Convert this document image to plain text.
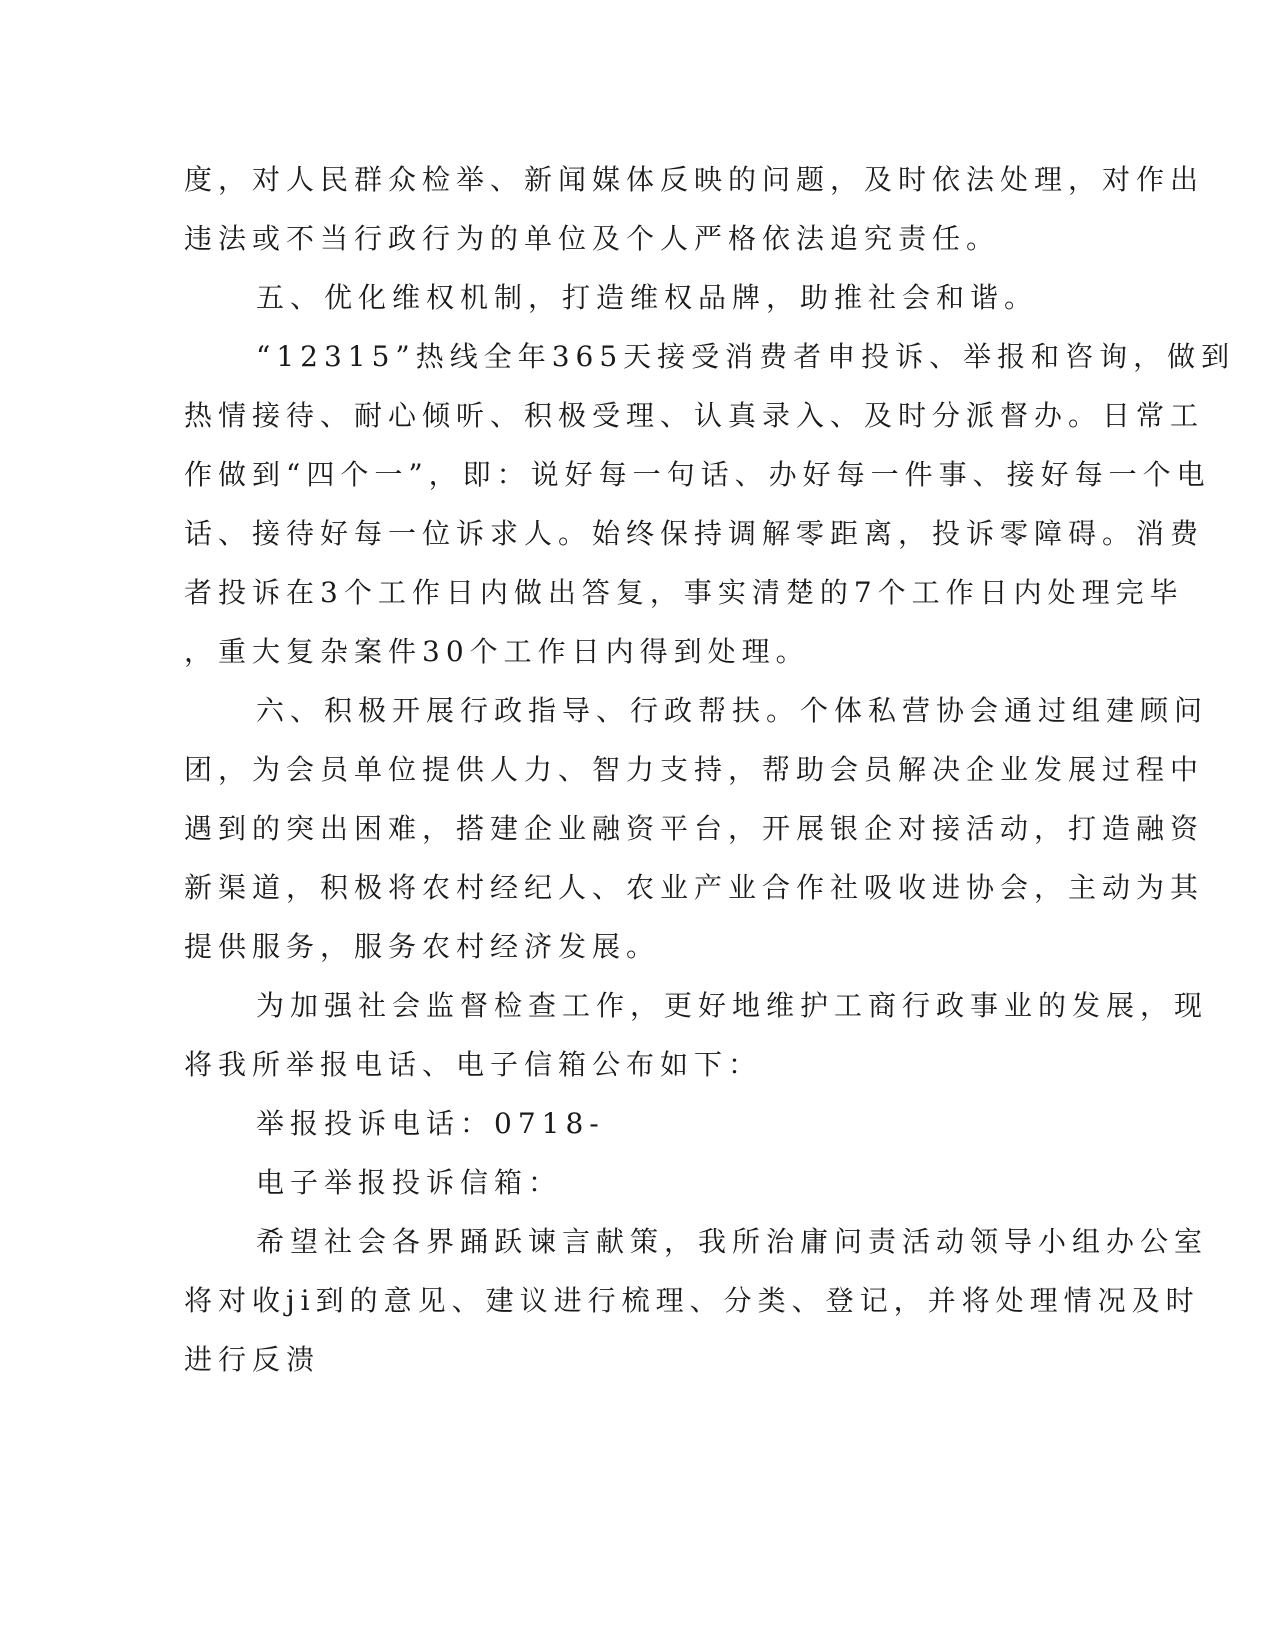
度，对人民群众检举、新闻媒体反映的问题，及时依法处理，对作出
违法或不当行政行为的单位及个人严格依法追究责任。
五、优化维权机制，打造维权品牌，助推社会和谐。
“12315”热线全年365天接受消费者申投诉、举报和咨询，做到
热情接待、耐心倾听、积极受理、认真录入、及时分派督办。日常工
作做到“四个一”，即：说好每一句话、办好每一件事、接好每一个电
话、接待好每一位诉求人。始终保持调解零距离，投诉零障碍。消费
者投诉在3个工作日内做出答复，事实清楚的7个工作日内处理完毕
，重大复杂案件30个工作日内得到处理。
六、积极开展行政指导、行政帮扶。个体私营协会通过组建顾问
团，为会员单位提供人力、智力支持，帮助会员解决企业发展过程中
遇到的突出困难，搭建企业融资平台，开展银企对接活动，打造融资
新渠道，积极将农村经纪人、农业产业合作社吸收进协会，主动为其
提供服务，服务农村经济发展。
为加强社会监督检查工作，更好地维护工商行政事业的发展，现
将我所举报电话、电子信箱公布如下：
举报投诉电话：0718-
电子举报投诉信箱：
希望社会各界踊跃谏言献策，我所治庸问责活动领导小组办公室
将对收ji到的意见、建议进行梳理、分类、登记，并将处理情况及时
进行反溃
